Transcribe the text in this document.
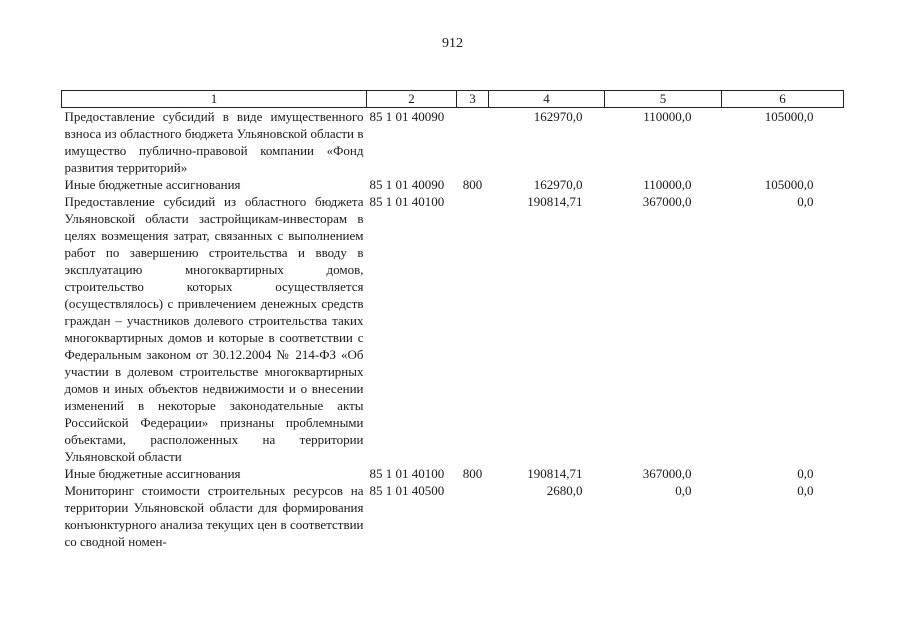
912
1	2	3	4	5	6
Предоставление субсидий в виде имущественного взноса из областного бюджета Ульяновской области в имущество публично-правовой компании «Фонд развития территорий»	85 1 01 40090		162970,0	110000,0	105000,0
Иные бюджетные ассигнования	85 1 01 40090	800	162970,0	110000,0	105000,0
Предоставление субсидий из областного бюджета Ульяновской области застройщикам-инвесторам в целях возмещения затрат, связанных с выполнением работ по завершению строительства и вводу в эксплуатацию многоквартирных домов, строительство которых осуществляется (осуществлялось) с привлечением денежных средств граждан – участников долевого строительства таких многоквартирных домов и которые в соответствии с Федеральным законом от 30.12.2004 № 214-ФЗ «Об участии в долевом строительстве многоквартирных домов и иных объектов недвижимости и о внесении изменений в некоторые законодательные акты Российской Федерации» признаны проблемными объектами, расположенных на территории Ульяновской области	85 1 01 40100		190814,71	367000,0	0,0
Иные бюджетные ассигнования	85 1 01 40100	800	190814,71	367000,0	0,0
Мониторинг стоимости строительных ресурсов на территории Ульяновской области для формирования конъюнктурного анализа текущих цен в соответствии со сводной номен-	85 1 01 40500		2680,0	0,0	0,0
